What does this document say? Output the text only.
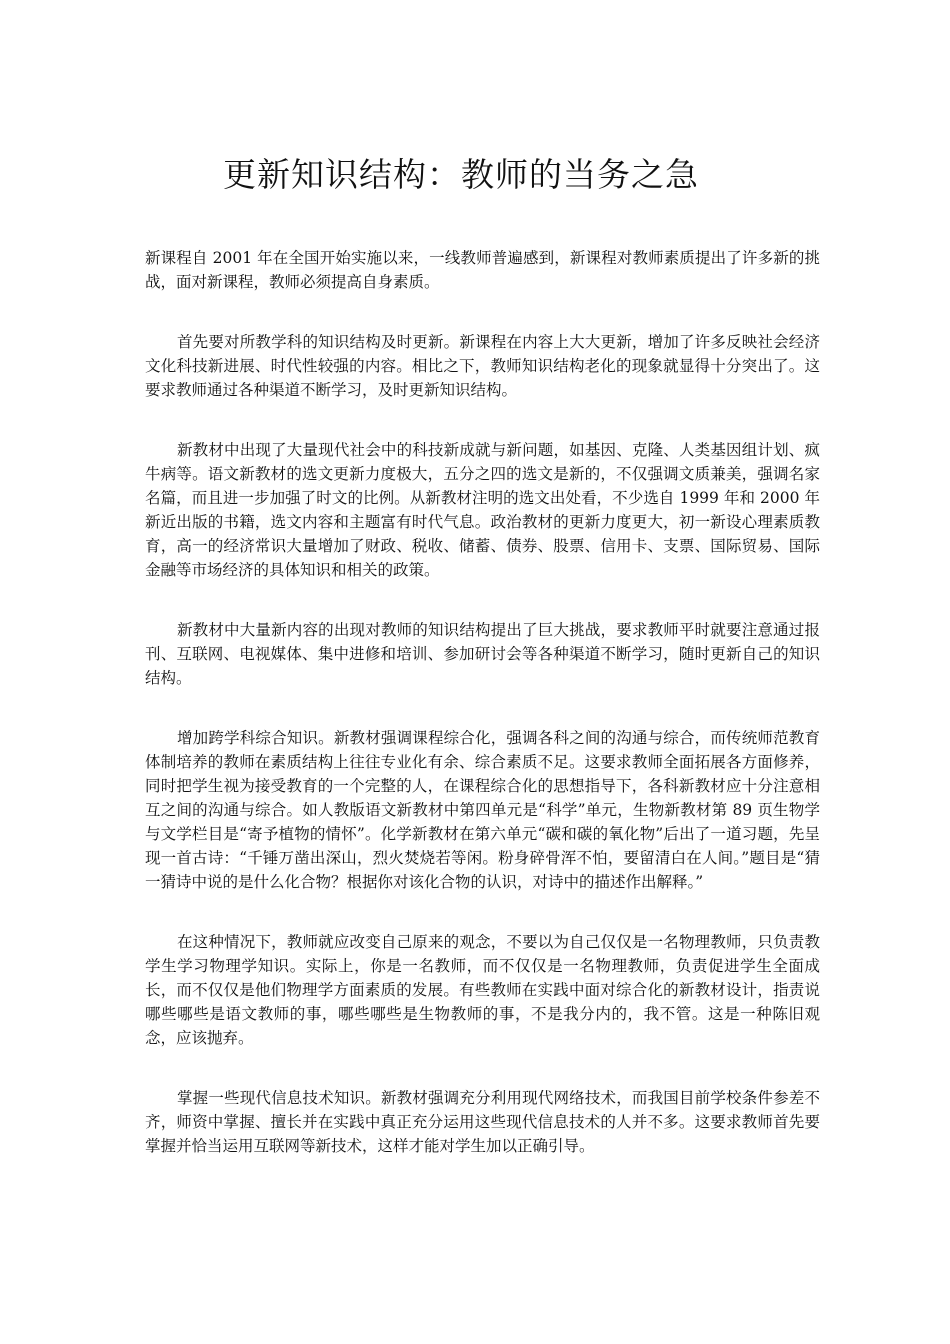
更新知识结构：教师的当务之急

新课程自 2001 年在全国开始实施以来，一线教师普遍感到，新课程对教师素质提出了许多新的挑战，面对新课程，教师必须提高自身素质。

首先要对所教学科的知识结构及时更新。新课程在内容上大大更新，增加了许多反映社会经济文化科技新进展、时代性较强的内容。相比之下，教师知识结构老化的现象就显得十分突出了。这要求教师通过各种渠道不断学习，及时更新知识结构。

新教材中出现了大量现代社会中的科技新成就与新问题，如基因、克隆、人类基因组计划、疯牛病等。语文新教材的选文更新力度极大，五分之四的选文是新的，不仅强调文质兼美，强调名家名篇，而且进一步加强了时文的比例。从新教材注明的选文出处看，不少选自 1999 年和 2000 年新近出版的书籍，选文内容和主题富有时代气息。政治教材的更新力度更大，初一新设心理素质教育，高一的经济常识大量增加了财政、税收、储蓄、债券、股票、信用卡、支票、国际贸易、国际金融等市场经济的具体知识和相关的政策。

新教材中大量新内容的出现对教师的知识结构提出了巨大挑战，要求教师平时就要注意通过报刊、互联网、电视媒体、集中进修和培训、参加研讨会等各种渠道不断学习，随时更新自己的知识结构。

增加跨学科综合知识。新教材强调课程综合化，强调各科之间的沟通与综合，而传统师范教育体制培养的教师在素质结构上往往专业化有余、综合素质不足。这要求教师全面拓展各方面修养，同时把学生视为接受教育的一个完整的人，在课程综合化的思想指导下，各科新教材应十分注意相互之间的沟通与综合。如人教版语文新教材中第四单元是“科学”单元，生物新教材第 89 页生物学与文学栏目是“寄予植物的情怀”。化学新教材在第六单元“碳和碳的氧化物”后出了一道习题，先呈现一首古诗：“千锤万凿出深山，烈火焚烧若等闲。粉身碎骨浑不怕，要留清白在人间。”题目是“猜一猜诗中说的是什么化合物？根据你对该化合物的认识，对诗中的描述作出解释。”

在这种情况下，教师就应改变自己原来的观念，不要以为自己仅仅是一名物理教师，只负责教学生学习物理学知识。实际上，你是一名教师，而不仅仅是一名物理教师，负责促进学生全面成长，而不仅仅是他们物理学方面素质的发展。有些教师在实践中面对综合化的新教材设计，指责说哪些哪些是语文教师的事，哪些哪些是生物教师的事，不是我分内的，我不管。这是一种陈旧观念，应该抛弃。

掌握一些现代信息技术知识。新教材强调充分利用现代网络技术，而我国目前学校条件参差不齐，师资中掌握、擅长并在实践中真正充分运用这些现代信息技术的人并不多。这要求教师首先要掌握并恰当运用互联网等新技术，这样才能对学生加以正确引导。
